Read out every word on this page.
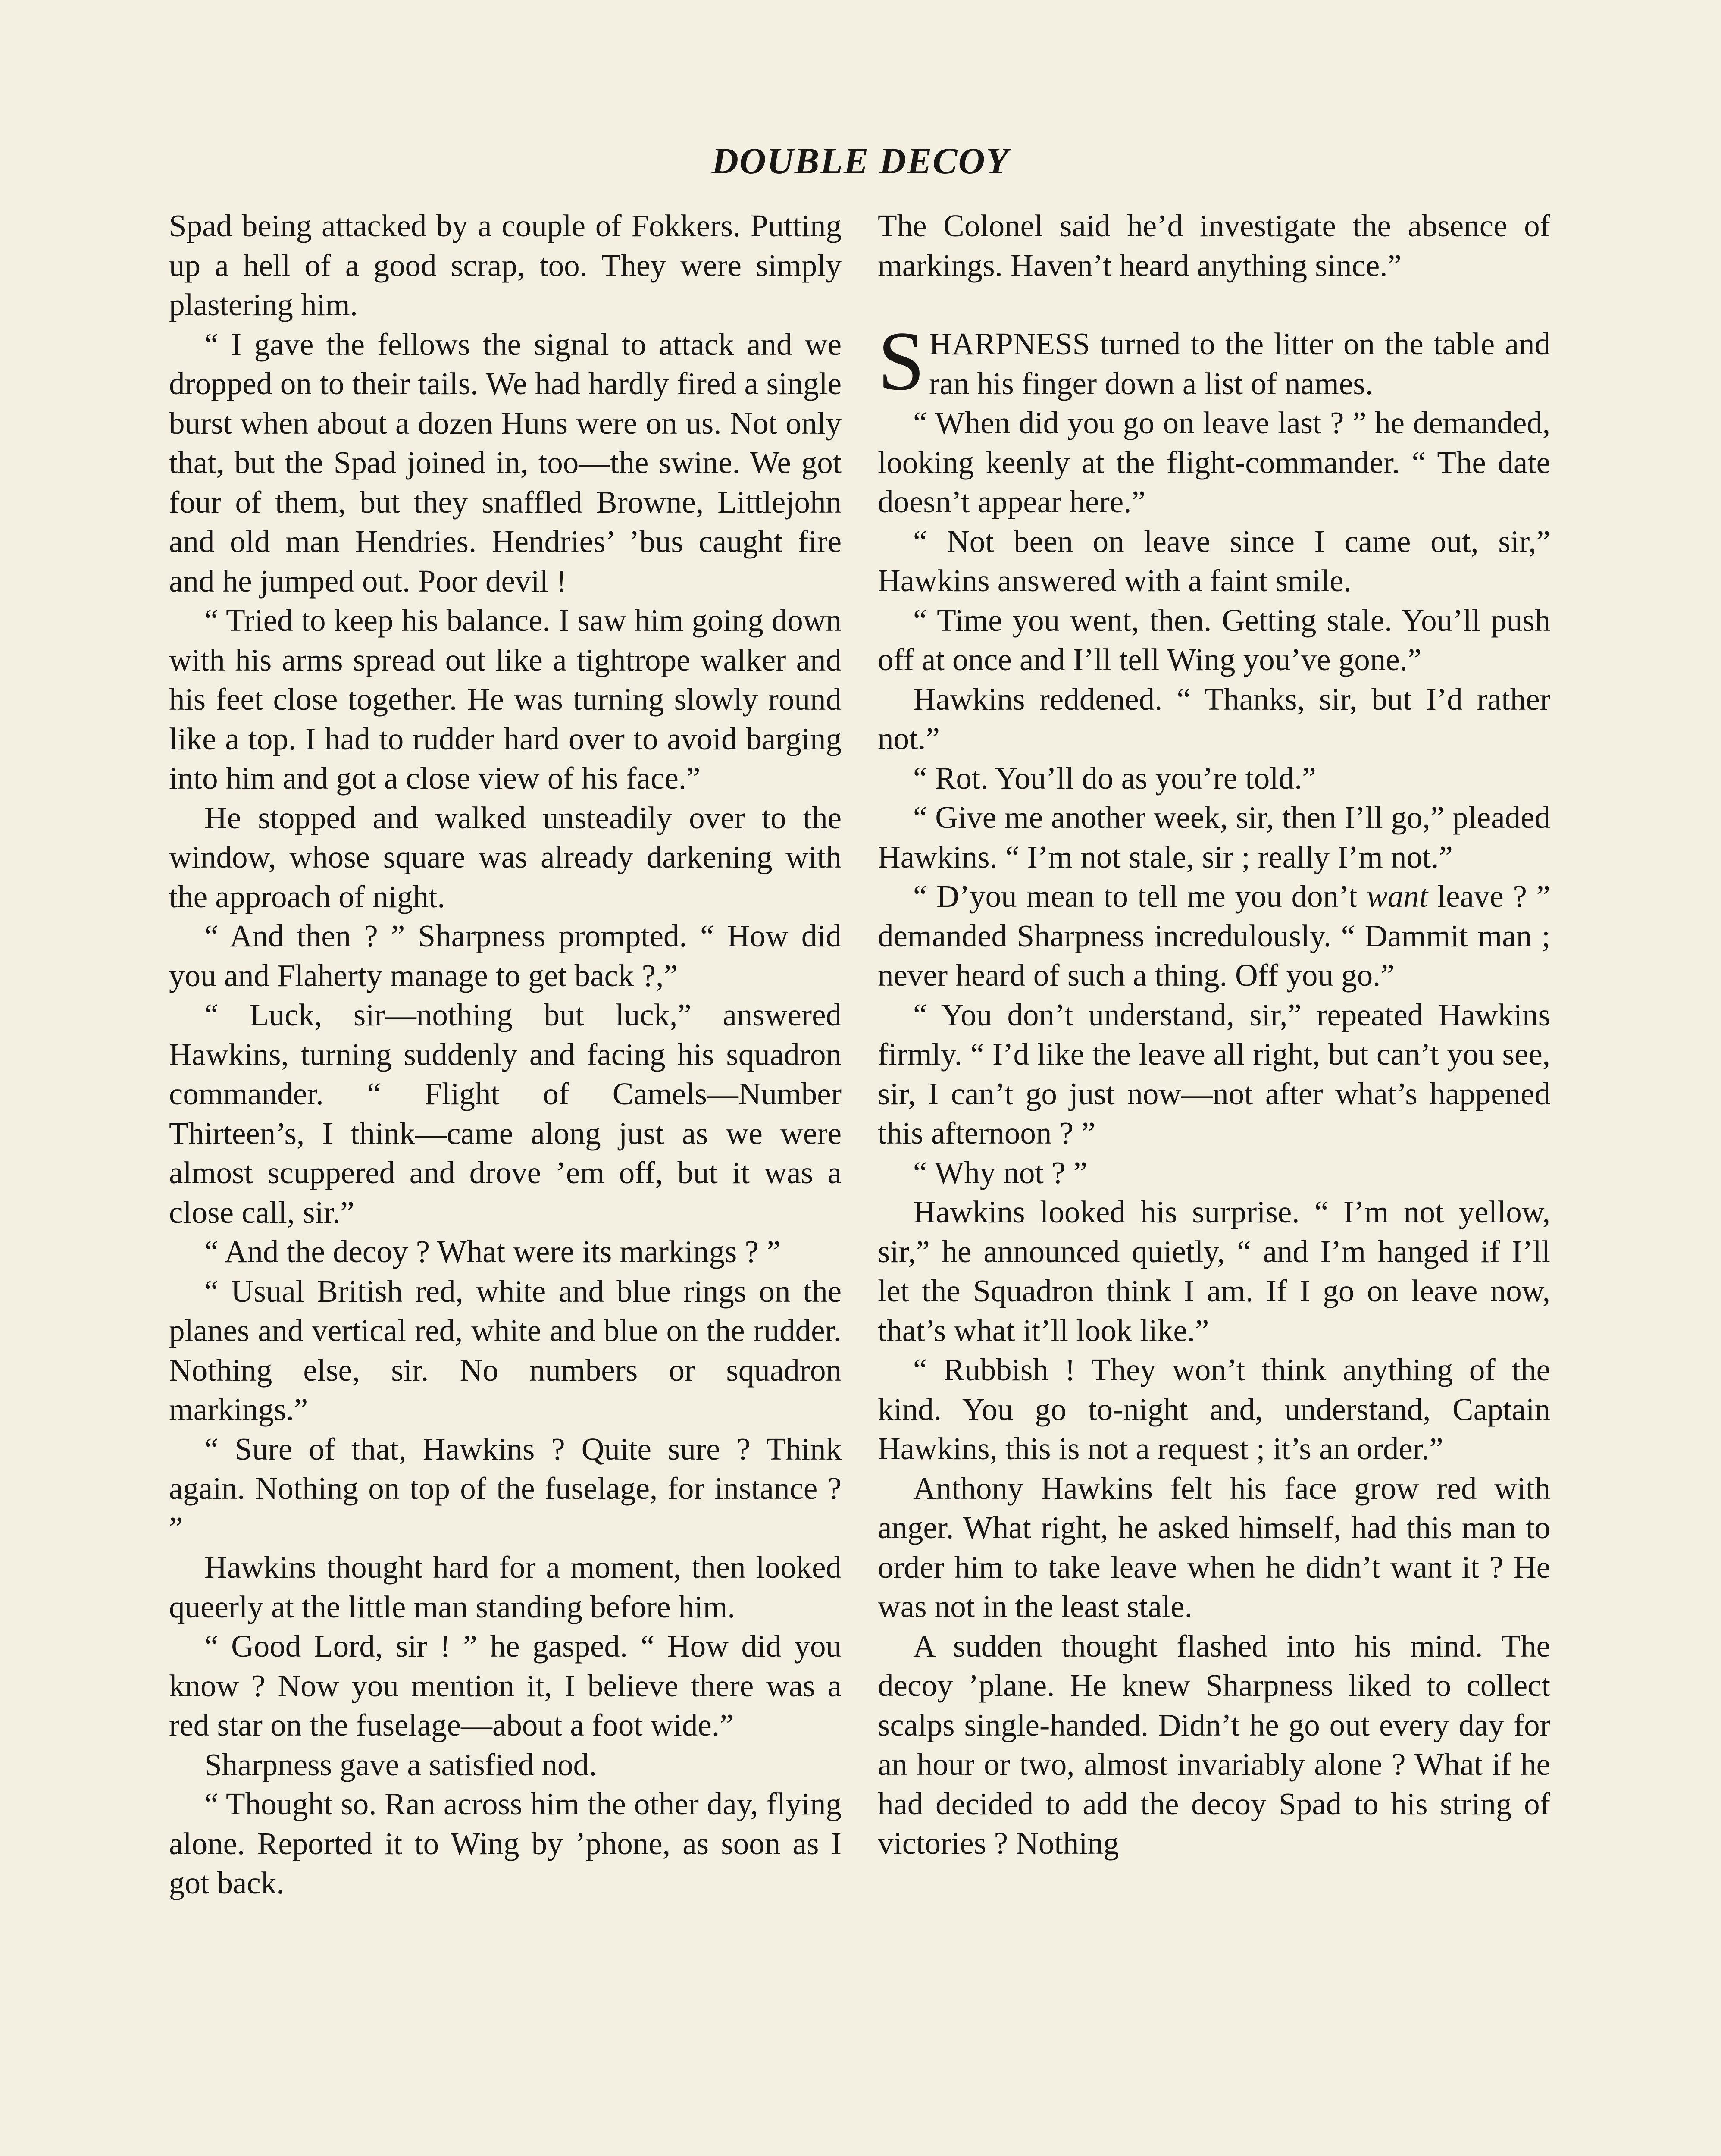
DOUBLE DECOY

Spad being attacked by a couple of Fokkers. Putting up a hell of a good scrap, too. They were simply plastering him.

“ I gave the fellows the signal to attack and we dropped on to their tails. We had hardly fired a single burst when about a dozen Huns were on us. Not only that, but the Spad joined in, too—the swine. We got four of them, but they snaffled Browne, Littlejohn and old man Hendries. Hendries’ ’bus caught fire and he jumped out. Poor devil !

“ Tried to keep his balance. I saw him going down with his arms spread out like a tightrope walker and his feet close together. He was turning slowly round like a top. I had to rudder hard over to avoid barging into him and got a close view of his face.”

He stopped and walked unsteadily over to the window, whose square was already darkening with the approach of night.

“ And then ? ” Sharpness prompted. “ How did you and Flaherty manage to get back ?,”

“ Luck, sir—nothing but luck,” answered Hawkins, turning suddenly and facing his squadron commander. “ Flight of Camels—Number Thirteen’s, I think—came along just as we were almost scuppered and drove ’em off, but it was a close call, sir.”

“ And the decoy ? What were its markings ? ”

“ Usual British red, white and blue rings on the planes and vertical red, white and blue on the rudder. Nothing else, sir. No numbers or squadron markings.”

“ Sure of that, Hawkins ? Quite sure ? Think again. Nothing on top of the fuselage, for instance ? ”

Hawkins thought hard for a moment, then looked queerly at the little man standing before him.

“ Good Lord, sir ! ” he gasped. “ How did you know ? Now you mention it, I believe there was a red star on the fuselage—about a foot wide.”

Sharpness gave a satisfied nod.

“ Thought so. Ran across him the other day, flying alone. Reported it to Wing by ’phone, as soon as I got back.

The Colonel said he’d investigate the absence of markings. Haven’t heard anything since.”

SHARPNESS turned to the litter on the table and ran his finger down a list of names.

“ When did you go on leave last ? ” he demanded, looking keenly at the flight-commander. “ The date doesn’t appear here.”

“ Not been on leave since I came out, sir,” Hawkins answered with a faint smile.

“ Time you went, then. Getting stale. You’ll push off at once and I’ll tell Wing you’ve gone.”

Hawkins reddened. “ Thanks, sir, but I’d rather not.”

“ Rot. You’ll do as you’re told.”

“ Give me another week, sir, then I’ll go,” pleaded Hawkins. “ I’m not stale, sir ; really I’m not.”

“ D’you mean to tell me you don’t want leave ? ” demanded Sharpness incredulously. “ Dammit man ; never heard of such a thing. Off you go.”

“ You don’t understand, sir,” repeated Hawkins firmly. “ I’d like the leave all right, but can’t you see, sir, I can’t go just now—not after what’s happened this afternoon ? ”

“ Why not ? ”

Hawkins looked his surprise. “ I’m not yellow, sir,” he announced quietly, “ and I’m hanged if I’ll let the Squadron think I am. If I go on leave now, that’s what it’ll look like.”

“ Rubbish ! They won’t think anything of the kind. You go to-night and, understand, Captain Hawkins, this is not a request ; it’s an order.”

Anthony Hawkins felt his face grow red with anger. What right, he asked himself, had this man to order him to take leave when he didn’t want it ? He was not in the least stale.

A sudden thought flashed into his mind. The decoy ’plane. He knew Sharpness liked to collect scalps single-handed. Didn’t he go out every day for an hour or two, almost invariably alone ? What if he had decided to add the decoy Spad to his string of victories ? Nothing
